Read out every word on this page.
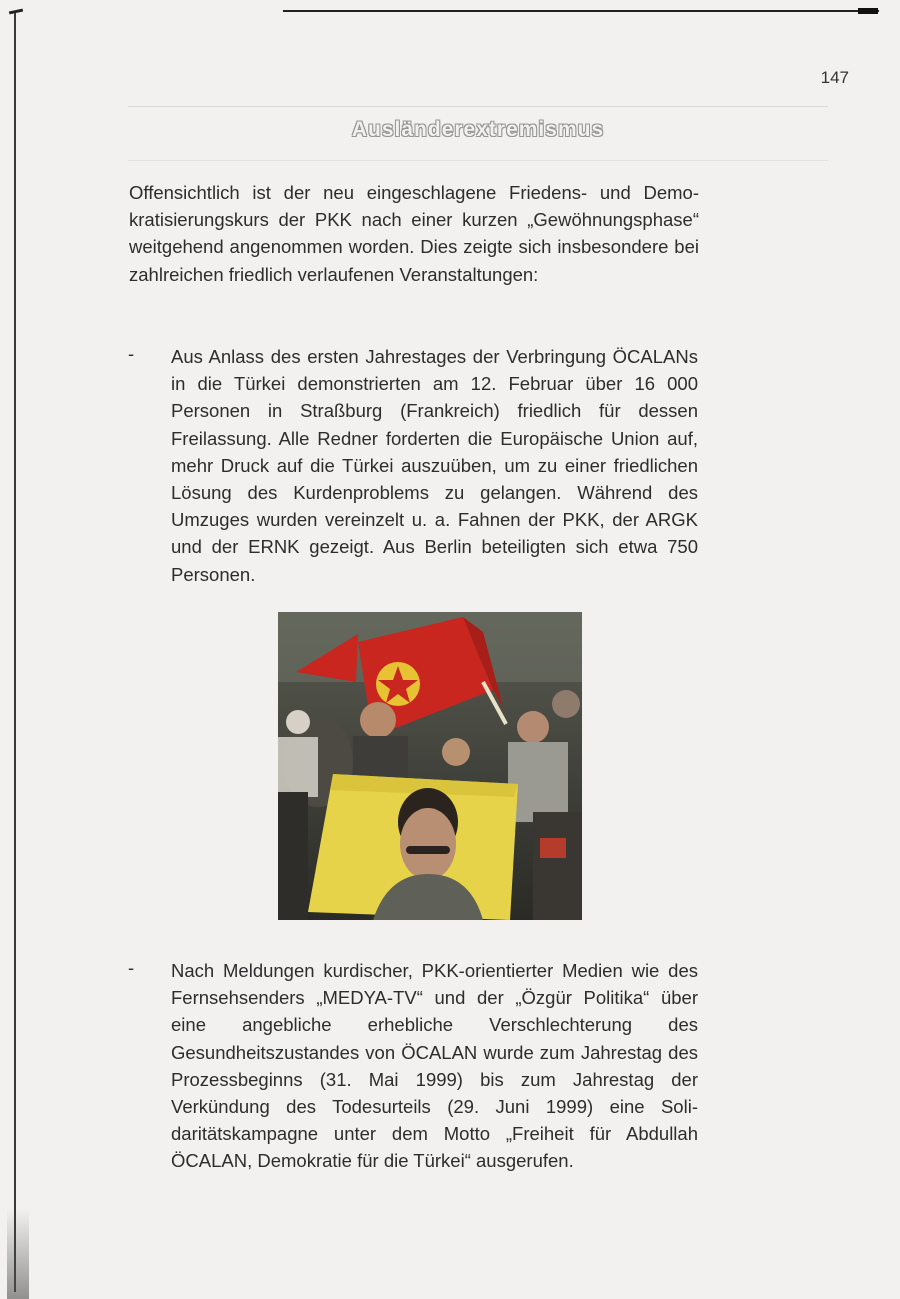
147
Ausländerextremismus
Offensichtlich ist der neu eingeschlagene Friedens- und Demokratisierungskurs der PKK nach einer kurzen „Gewöhnungsphase“ weitgehend angenommen worden. Dies zeigte sich insbesondere bei zahlreichen friedlich verlaufenen Veranstaltungen:
- Aus Anlass des ersten Jahrestages der Verbringung ÖCALANs in die Türkei demonstrierten am 12. Februar über 16 000 Personen in Straßburg (Frankreich) friedlich für dessen Freilassung. Alle Redner forderten die Europäische Union auf, mehr Druck auf die Türkei auszuüben, um zu einer friedlichen Lösung des Kurdenproblems zu gelangen. Während des Umzuges wurden vereinzelt u. a. Fahnen der PKK, der ARGK und der ERNK gezeigt. Aus Berlin beteiligten sich etwa 750 Personen.
- Nach Meldungen kurdischer, PKK-orientierter Medien wie des Fernsehsenders „MEDYA-TV“ und der „Özgür Politika“ über eine angebliche erhebliche Verschlechterung des Gesundheitszustandes von ÖCALAN wurde zum Jahrestag des Prozessbeginns (31. Mai 1999) bis zum Jahrestag der Verkündung des Todesurteils (29. Juni 1999) eine Solidaritätskampagne unter dem Motto „Freiheit für Abdullah ÖCALAN, Demokratie für die Türkei“ ausgerufen.
